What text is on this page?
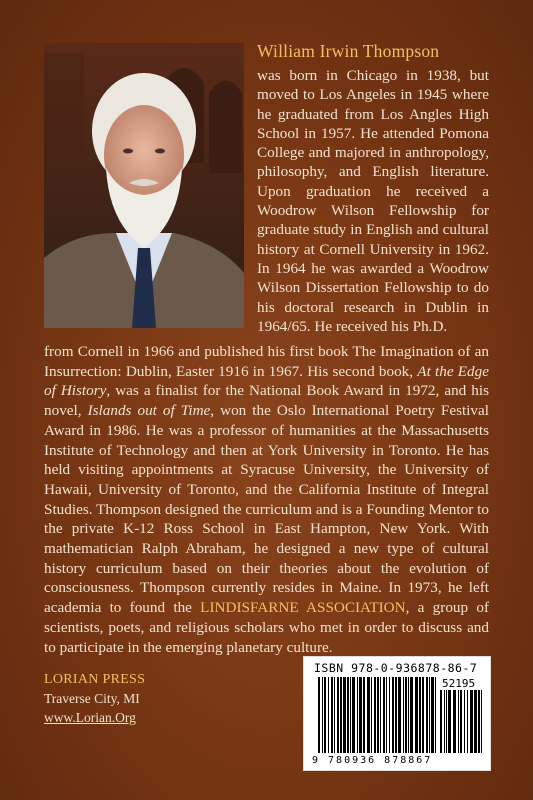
William Irwin Thompson
was born in Chicago in 1938, but moved to Los Angeles in 1945 where he graduated from Los Angles High School in 1957. He attended Pomona College and majored in anthropology, philosophy, and English literature. Upon graduation he received a Woodrow Wilson Fellowship for graduate study in English and cultural history at Cornell University in 1962. In 1964 he was awarded a Woodrow Wilson Dissertation Fellowship to do his doctoral research in Dublin in 1964/65. He received his Ph.D.
from Cornell in 1966 and published his first book The Imagination of an Insurrection: Dublin, Easter 1916 in 1967. His second book, At the Edge of History, was a finalist for the National Book Award in 1972, and his novel, Islands out of Time, won the Oslo International Poetry Festival Award in 1986. He was a professor of humanities at the Massachusetts Institute of Technology and then at York University in Toronto. He has held visiting appointments at Syracuse University, the University of Hawaii, University of Toronto, and the California Institute of Integral Studies. Thompson designed the curriculum and is a Founding Mentor to the private K-12 Ross School in East Hampton, New York. With mathematician Ralph Abraham, he designed a new type of cultural history curriculum based on their theories about the evolution of consciousness. Thompson currently resides in Maine. In 1973, he left academia to found the LINDISFARNE ASSOCIATION, a group of scientists, poets, and religious scholars who met in order to discuss and to participate in the emerging planetary culture.
LORIAN PRESS
Traverse City, MI
www.Lorian.Org
ISBN 978-0-936878-86-7
52195
9 780936 878867
